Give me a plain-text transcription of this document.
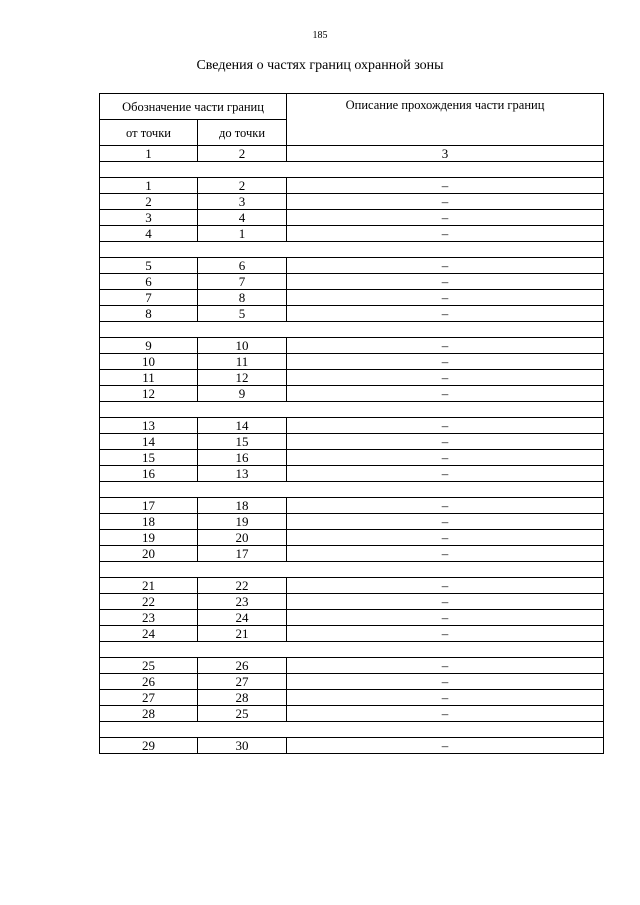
185
Сведения о частях границ охранной зоны
Обозначение части границ		Описание прохождения части границ
от точки	до точки	
1	2	3

1	2	–
2	3	–
3	4	–
4	1	–

5	6	–
6	7	–
7	8	–
8	5	–

9	10	–
10	11	–
11	12	–
12	9	–

13	14	–
14	15	–
15	16	–
16	13	–

17	18	–
18	19	–
19	20	–
20	17	–

21	22	–
22	23	–
23	24	–
24	21	–

25	26	–
26	27	–
27	28	–
28	25	–

29	30	–
